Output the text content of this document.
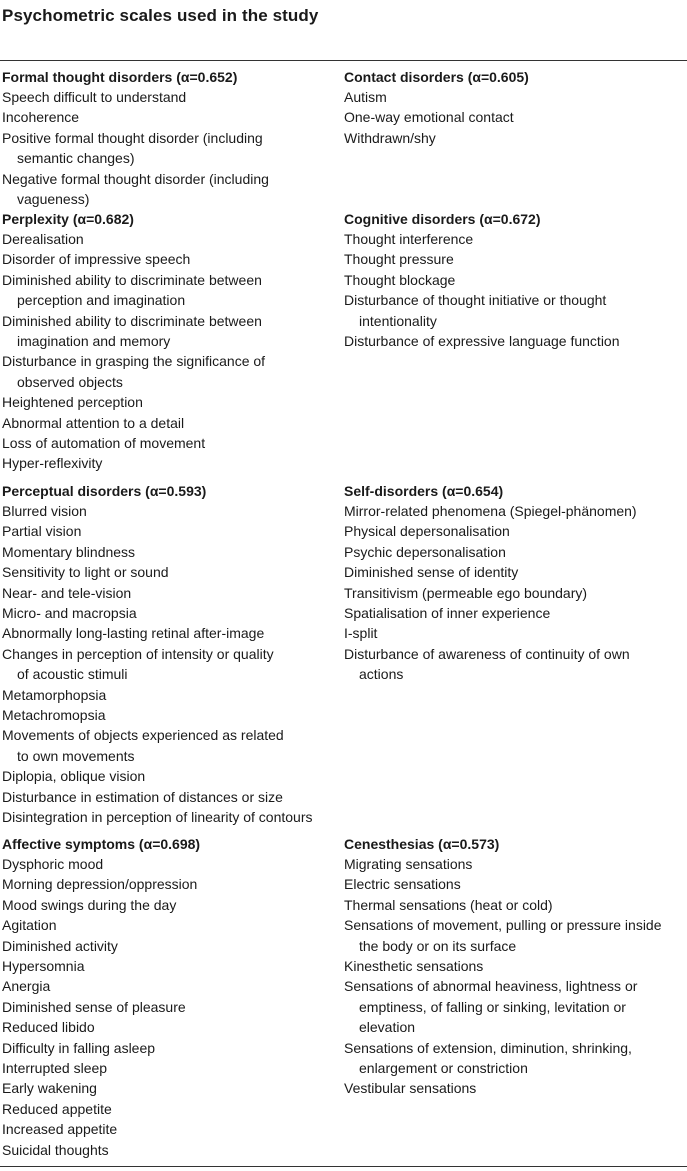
Psychometric scales used in the study
Formal thought disorders (α=0.652)
Speech difficult to understand
Incoherence
Positive formal thought disorder (including
semantic changes)
Negative formal thought disorder (including
vagueness)
Contact disorders (α=0.605)
Autism
One-way emotional contact
Withdrawn/shy
Perplexity (α=0.682)
Derealisation
Disorder of impressive speech
Diminished ability to discriminate between
perception and imagination
Diminished ability to discriminate between
imagination and memory
Disturbance in grasping the significance of
observed objects
Heightened perception
Abnormal attention to a detail
Loss of automation of movement
Hyper-reflexivity
Cognitive disorders (α=0.672)
Thought interference
Thought pressure
Thought blockage
Disturbance of thought initiative or thought
intentionality
Disturbance of expressive language function
Perceptual disorders (α=0.593)
Blurred vision
Partial vision
Momentary blindness
Sensitivity to light or sound
Near- and tele-vision
Micro- and macropsia
Abnormally long-lasting retinal after-image
Changes in perception of intensity or quality
of acoustic stimuli
Metamorphopsia
Metachromopsia
Movements of objects experienced as related
to own movements
Diplopia, oblique vision
Disturbance in estimation of distances or size
Disintegration in perception of linearity of contours
Self-disorders (α=0.654)
Mirror-related phenomena (Spiegel-phänomen)
Physical depersonalisation
Psychic depersonalisation
Diminished sense of identity
Transitivism (permeable ego boundary)
Spatialisation of inner experience
I-split
Disturbance of awareness of continuity of own
actions
Affective symptoms (α=0.698)
Dysphoric mood
Morning depression/oppression
Mood swings during the day
Agitation
Diminished activity
Hypersomnia
Anergia
Diminished sense of pleasure
Reduced libido
Difficulty in falling asleep
Interrupted sleep
Early wakening
Reduced appetite
Increased appetite
Suicidal thoughts
Cenesthesias (α=0.573)
Migrating sensations
Electric sensations
Thermal sensations (heat or cold)
Sensations of movement, pulling or pressure inside
the body or on its surface
Kinesthetic sensations
Sensations of abnormal heaviness, lightness or
emptiness, of falling or sinking, levitation or
elevation
Sensations of extension, diminution, shrinking,
enlargement or constriction
Vestibular sensations
